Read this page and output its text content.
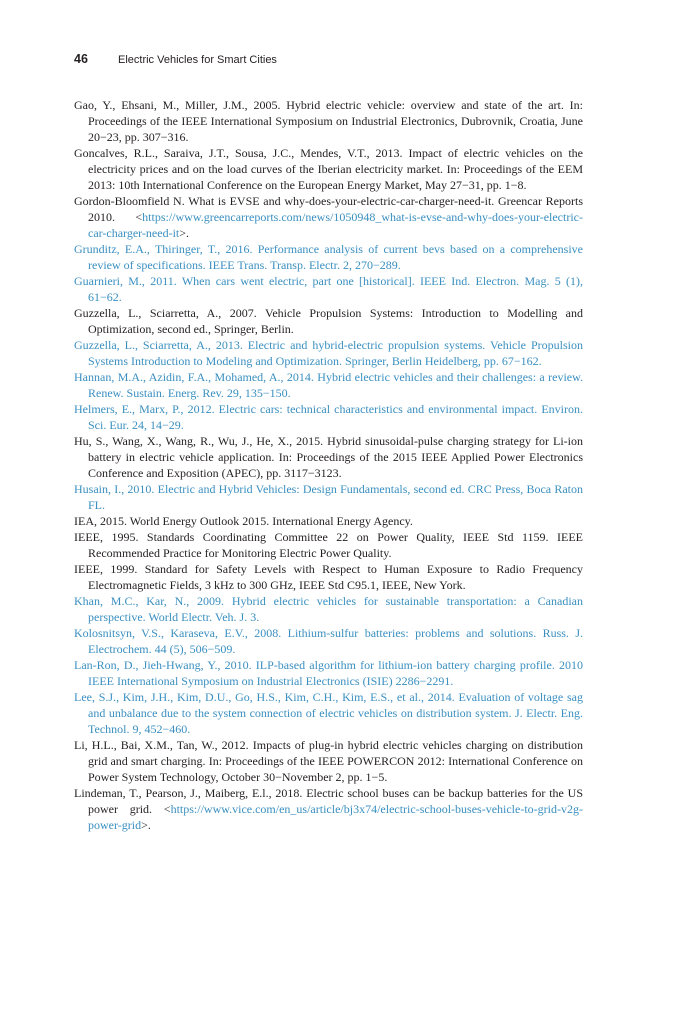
46	Electric Vehicles for Smart Cities
Gao, Y., Ehsani, M., Miller, J.M., 2005. Hybrid electric vehicle: overview and state of the art. In: Proceedings of the IEEE International Symposium on Industrial Electronics, Dubrovnik, Croatia, June 20−23, pp. 307−316.
Goncalves, R.L., Saraiva, J.T., Sousa, J.C., Mendes, V.T., 2013. Impact of electric vehicles on the electricity prices and on the load curves of the Iberian electricity market. In: Proceedings of the EEM 2013: 10th International Conference on the European Energy Market, May 27−31, pp. 1−8.
Gordon-Bloomfield N. What is EVSE and why-does-your-electric-car-charger-need-it. Greencar Reports 2010. <https://www.greencarreports.com/news/1050948_what-is-evse-and-why-does-your-electric-car-charger-need-it>.
Grunditz, E.A., Thiringer, T., 2016. Performance analysis of current bevs based on a comprehensive review of specifications. IEEE Trans. Transp. Electr. 2, 270−289.
Guarnieri, M., 2011. When cars went electric, part one [historical]. IEEE Ind. Electron. Mag. 5 (1), 61−62.
Guzzella, L., Sciarretta, A., 2007. Vehicle Propulsion Systems: Introduction to Modelling and Optimization, second ed., Springer, Berlin.
Guzzella, L., Sciarretta, A., 2013. Electric and hybrid-electric propulsion systems. Vehicle Propulsion Systems Introduction to Modeling and Optimization. Springer, Berlin Heidelberg, pp. 67−162.
Hannan, M.A., Azidin, F.A., Mohamed, A., 2014. Hybrid electric vehicles and their challenges: a review. Renew. Sustain. Energ. Rev. 29, 135−150.
Helmers, E., Marx, P., 2012. Electric cars: technical characteristics and environmental impact. Environ. Sci. Eur. 24, 14−29.
Hu, S., Wang, X., Wang, R., Wu, J., He, X., 2015. Hybrid sinusoidal-pulse charging strategy for Li-ion battery in electric vehicle application. In: Proceedings of the 2015 IEEE Applied Power Electronics Conference and Exposition (APEC), pp. 3117−3123.
Husain, I., 2010. Electric and Hybrid Vehicles: Design Fundamentals, second ed. CRC Press, Boca Raton FL.
IEA, 2015. World Energy Outlook 2015. International Energy Agency.
IEEE, 1995. Standards Coordinating Committee 22 on Power Quality, IEEE Std 1159. IEEE Recommended Practice for Monitoring Electric Power Quality.
IEEE, 1999. Standard for Safety Levels with Respect to Human Exposure to Radio Frequency Electromagnetic Fields, 3 kHz to 300 GHz, IEEE Std C95.1, IEEE, New York.
Khan, M.C., Kar, N., 2009. Hybrid electric vehicles for sustainable transportation: a Canadian perspective. World Electr. Veh. J. 3.
Kolosnitsyn, V.S., Karaseva, E.V., 2008. Lithium-sulfur batteries: problems and solutions. Russ. J. Electrochem. 44 (5), 506−509.
Lan-Ron, D., Jieh-Hwang, Y., 2010. ILP-based algorithm for lithium-ion battery charging profile. 2010 IEEE International Symposium on Industrial Electronics (ISIE) 2286−2291.
Lee, S.J., Kim, J.H., Kim, D.U., Go, H.S., Kim, C.H., Kim, E.S., et al., 2014. Evaluation of voltage sag and unbalance due to the system connection of electric vehicles on distribution system. J. Electr. Eng. Technol. 9, 452−460.
Li, H.L., Bai, X.M., Tan, W., 2012. Impacts of plug-in hybrid electric vehicles charging on distribution grid and smart charging. In: Proceedings of the IEEE POWERCON 2012: International Conference on Power System Technology, October 30−November 2, pp. 1−5.
Lindeman, T., Pearson, J., Maiberg, E.l., 2018. Electric school buses can be backup batteries for the US power grid. <https://www.vice.com/en_us/article/bj3x74/electric-school-buses-vehicle-to-grid-v2g-power-grid>.
